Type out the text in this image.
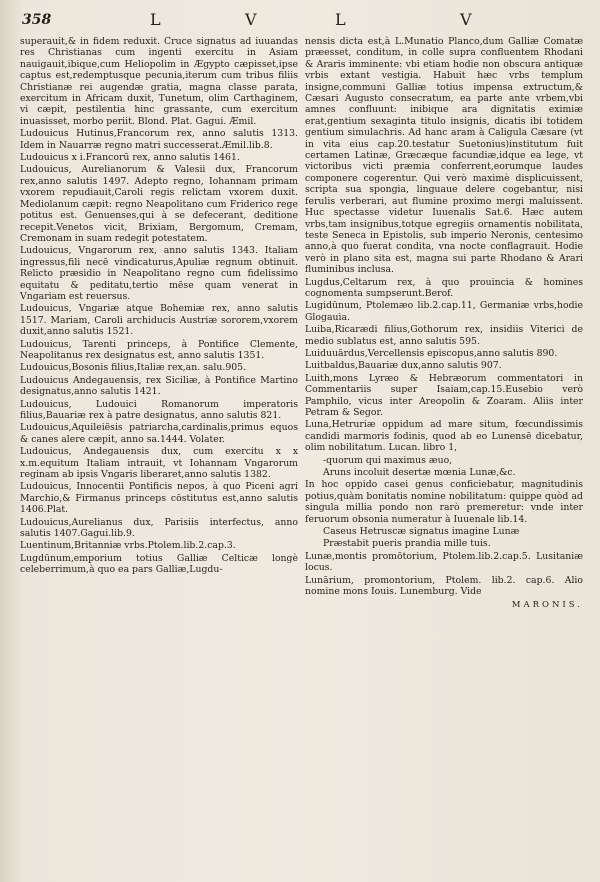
358	L	V	L	V

superauit,& in fidem reduxit. Cruce signatus ad iuuandas res Christianas cum ingenti exercitu in Asiam nauigauit,ibique,cum Heliopolim in Ægypto cæpisset,ipse captus est,redemptusque pecunia,iterum cum tribus filiis Christianæ rei augendæ gratia, magna classe parata, exercitum in Africam duxit, Tunetum, olim Carthaginem, vi cæpit, pestilentia hinc grassante, cum exercitum inuasisset, morbo periit. Blond. Plat. Gagui. Æmil.

Ludouicus Hutinus,Francorum rex, anno salutis 1313. Idem in Nauarræ regno matri successerat.Æmil.lib.8.

Ludouicus x i.Francorū rex, anno salutis 1461.

Ludouicus, Aurelianorum & Valesii dux, Francorum rex,anno salutis 1497. Adepto regno, Iohannam primam vxorem repudiauit,Caroli regis relictam vxorem duxit. Mediolanum cæpit: regno Neapolitano cum Friderico rege potitus est. Genuenses,qui à se defecerant, deditione recepit.Venetos vicit, Brixiam, Bergomum, Cremam, Cremonam in suam redegit potestatem.

Ludouicus, Vngarorum rex, anno salutis 1343. Italiam ingressus,fili necē vindicaturus,Apuliæ regnum obtinuit. Relicto præsidio in Neapolitano regno cum fidelissimo equitatu & peditatu,tertio mēse quam venerat in Vngariam est reuersus.

Ludouicus, Vngariæ atque Bohemiæ rex, anno salutis 1517. Mariam, Caroli archiducis Austriæ sororem,vxorem duxit,anno salutis 1521.

Ludouicus, Tarenti princeps, à Pontifice Clemente, Neapolitanus rex designatus est, anno salutis 1351.

Ludouicus,Bosonis filius,Italiæ rex,an. salu.905.

Ludouicus Andegauensis, rex Siciliæ, à Pontifice Martino designatus,anno salutis 1421.

Ludouicus, Ludouici Romanorum imperatoris filius,Bauariæ rex à patre designatus, anno salutis 821.

Ludouicus,Aquileiēsis patriarcha,cardinalis,primus equos & canes alere cæpit, anno sa.1444. Volater.

Ludouicus, Andegauensis dux, cum exercitu x x x.m.equitum Italiam intrauit, vt Iohannam Vngarorum reginam ab ipsis Vngaris liberaret,anno salutis 1382.

Ludouicus, Innocentii Pontificis nepos, à quo Piceni agri Marchio,& Firmanus princeps cōstitutus est,anno salutis 1406.Plat.

Ludouicus,Aurelianus dux, Parisiis interfectus, anno salutis 1407.Gagui.lib.9.

Luentinum,Britanniæ vrbs.Ptolem.lib.2.cap.3.

Lugdūnum,emporium totius Galliæ Celticæ longè celeberrimum,à quo ea pars Galliæ,Lugdu-

nensis dicta est,à L.Munatio Planco,dum Galliæ Comatæ præesset, conditum, in colle supra confluentem Rhodani & Araris imminente: vbi etiam hodie non obscura antiquæ vrbis extant vestigia. Habuit hæc vrbs templum insigne,communi Galliæ totius impensa extructum,& Cæsari Augusto consecratum, ea parte ante vrbem,vbi amnes confluunt: inibique ara dignitatis eximiæ erat,gentium sexaginta titulo insignis, dicatis ibi totidem gentium simulachris. Ad hanc aram à Caligula Cæsare (vt in vita eius cap.20.testatur Suetonius)institutum fuit certamen Latinæ, Græcæque facundiæ,idque ea lege, vt victoribus victi præmia conferrent,eorumque laudes componere cogerentur. Qui verò maximè displicuissent, scripta sua spongia, linguaue delere cogebantur, nisi ferulis verberari, aut flumine proximo mergi maluissent. Huc spectasse videtur Iuuenalis Sat.6. Hæc autem vrbs,tam insignibus,totque egregiis ornamentis nobilitata, teste Seneca in Epistolis, sub imperio Neronis, centesimo anno,à quo fuerat condita, vna nocte conflagrauit. Hodie verò in plano sita est, magna sui parte Rhodano & Arari fluminibus inclusa.

Lugdus,Celtarum rex, à quo prouincia & homines cognomenta sumpserunt.Berof.

Lugidūnum, Ptolemæo lib.2.cap.11, Germaniæ vrbs,hodie Glogauia.

Luiba,Ricarædi filius,Gothorum rex, insidiis Viterici de medio sublatus est, anno salutis 595.

Luiduuārdus,Vercellensis episcopus,anno salutis 890.

Luitbaldus,Bauariæ dux,anno salutis 907.

Luith,mons Lyræo & Hebræorum commentatori in Commentariis super Isaiam,cap.15.Eusebio verò Pamphilo, vicus inter Areopolin & Zoaram. Aliis inter Petram & Segor.

Luna,Hetruriæ oppidum ad mare situm, fœcundissimis candidi marmoris fodinis, quod ab eo Lunensē dicebatur, olim nobilitatum. Lucan. libro 1,

-quorum qui maximus æuo,

Aruns incoluit desertæ mœnia Lunæ,&c.

In hoc oppido casei genus conficiebatur, magnitudinis potius,quàm bonitatis nomine nobilitatum: quippe quòd ad singula millia pondo non rarò premeretur: vnde inter feruorum obsonia numeratur à Iuuenale lib.14.

Caseus Hetruscæ signatus imagine Lunæ

Præstabit pueris prandia mille tuis.

Lunæ,montis promōtorium, Ptolem.lib.2.cap.5. Lusitaniæ locus.

Lunārium, promontorium, Ptolem. lib.2. cap.6. Alio nomine mons Iouis. Lunemburg. Vide

MARONIS.
